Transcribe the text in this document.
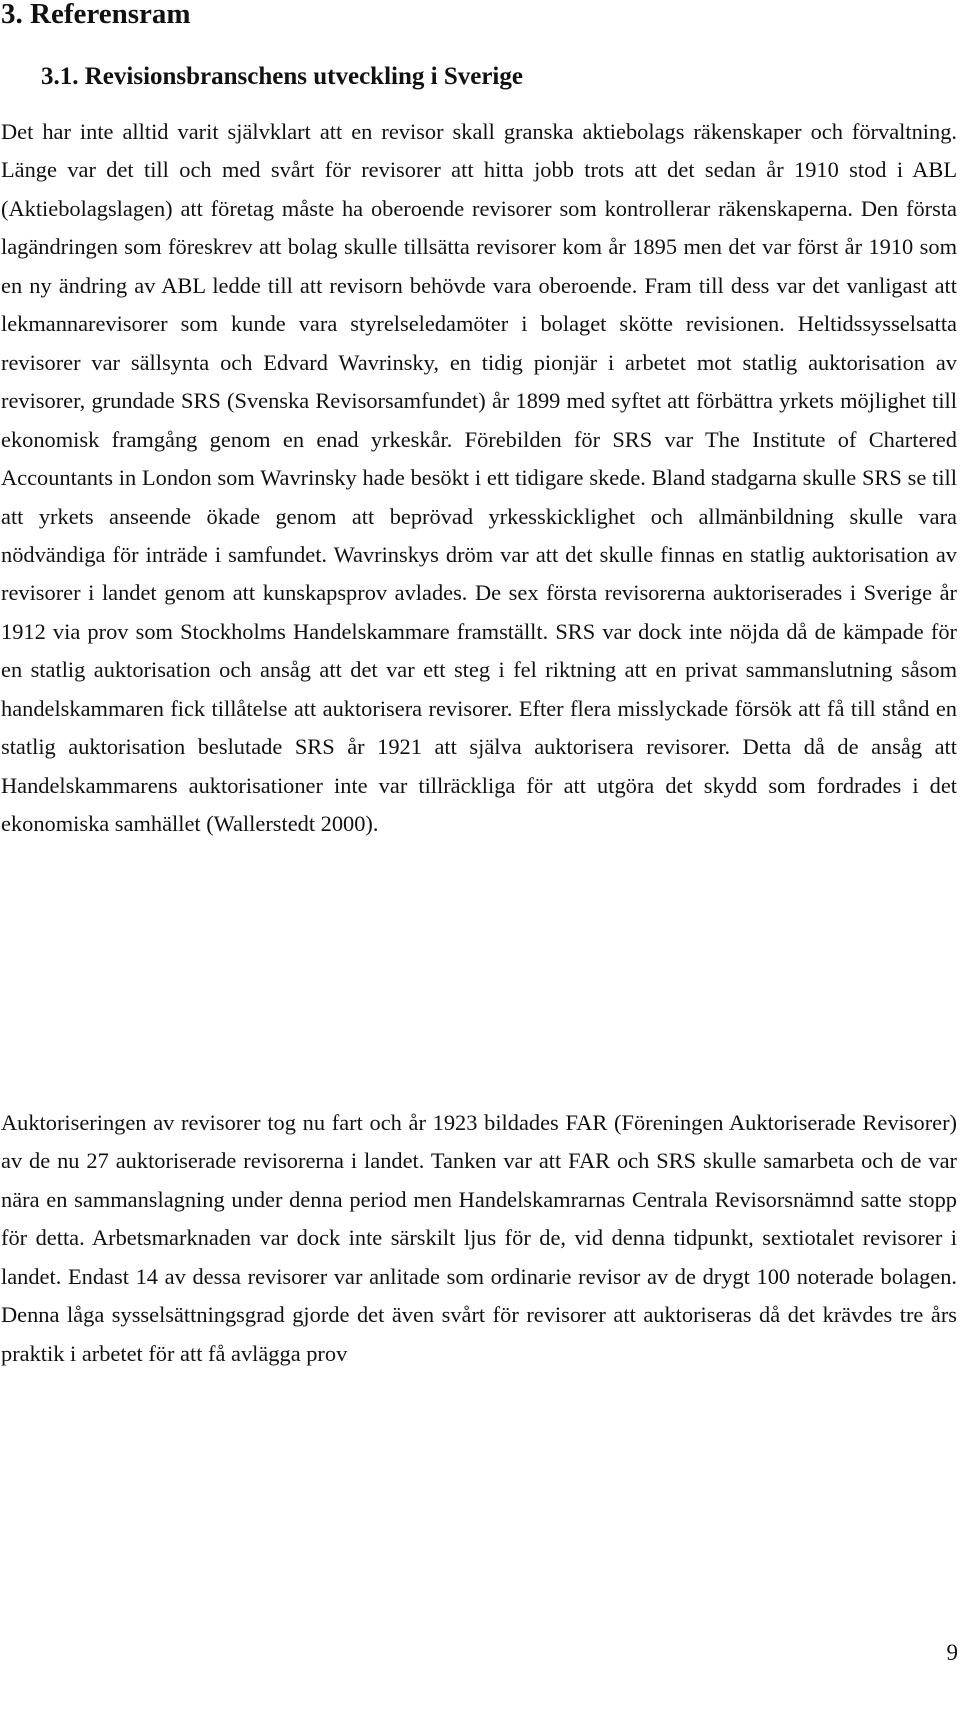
3. Referensram
3.1. Revisionsbranschens utveckling i Sverige

Det har inte alltid varit självklart att en revisor skall granska aktiebolags räkenskaper och förvaltning. Länge var det till och med svårt för revisorer att hitta jobb trots att det sedan år 1910 stod i ABL (Aktiebolagslagen) att företag måste ha oberoende revisorer som kontrollerar räkenskaperna. Den första lagändringen som föreskrev att bolag skulle tillsätta revisorer kom år 1895 men det var först år 1910 som en ny ändring av ABL ledde till att revisorn behövde vara oberoende. Fram till dess var det vanligast att lekmannarevisorer som kunde vara styrelseledamöter i bolaget skötte revisionen. Heltidssysselsatta revisorer var sällsynta och Edvard Wavrinsky, en tidig pionjär i arbetet mot statlig auktorisation av revisorer, grundade SRS (Svenska Revisorsamfundet) år 1899 med syftet att förbättra yrkets möjlighet till ekonomisk framgång genom en enad yrkeskår. Förebilden för SRS var The Institute of Chartered Accountants in London som Wavrinsky hade besökt i ett tidigare skede. Bland stadgarna skulle SRS se till att yrkets anseende ökade genom att beprövad yrkesskicklighet och allmänbildning skulle vara nödvändiga för inträde i samfundet. Wavrinskys dröm var att det skulle finnas en statlig auktorisation av revisorer i landet genom att kunskapsprov avlades. De sex första revisorerna auktoriserades i Sverige år 1912 via prov som Stockholms Handelskammare framställt. SRS var dock inte nöjda då de kämpade för en statlig auktorisation och ansåg att det var ett steg i fel riktning att en privat sammanslutning såsom handelskammaren fick tillåtelse att auktorisera revisorer. Efter flera misslyckade försök att få till stånd en statlig auktorisation beslutade SRS år 1921 att själva auktorisera revisorer. Detta då de ansåg att Handelskammarens auktorisationer inte var tillräckliga för att utgöra det skydd som fordrades i det ekonomiska samhället (Wallerstedt 2000).

Auktoriseringen av revisorer tog nu fart och år 1923 bildades FAR (Föreningen Auktoriserade Revisorer) av de nu 27 auktoriserade revisorerna i landet. Tanken var att FAR och SRS skulle samarbeta och de var nära en sammanslagning under denna period men Handelskamrarnas Centrala Revisorsnämnd satte stopp för detta. Arbetsmarknaden var dock inte särskilt ljus för de, vid denna tidpunkt, sextiotalet revisorer i landet. Endast 14 av dessa revisorer var anlitade som ordinarie revisor av de drygt 100 noterade bolagen. Denna låga sysselsättningsgrad gjorde det även svårt för revisorer att auktoriseras då det krävdes tre års praktik i arbetet för att få avlägga prov

9
